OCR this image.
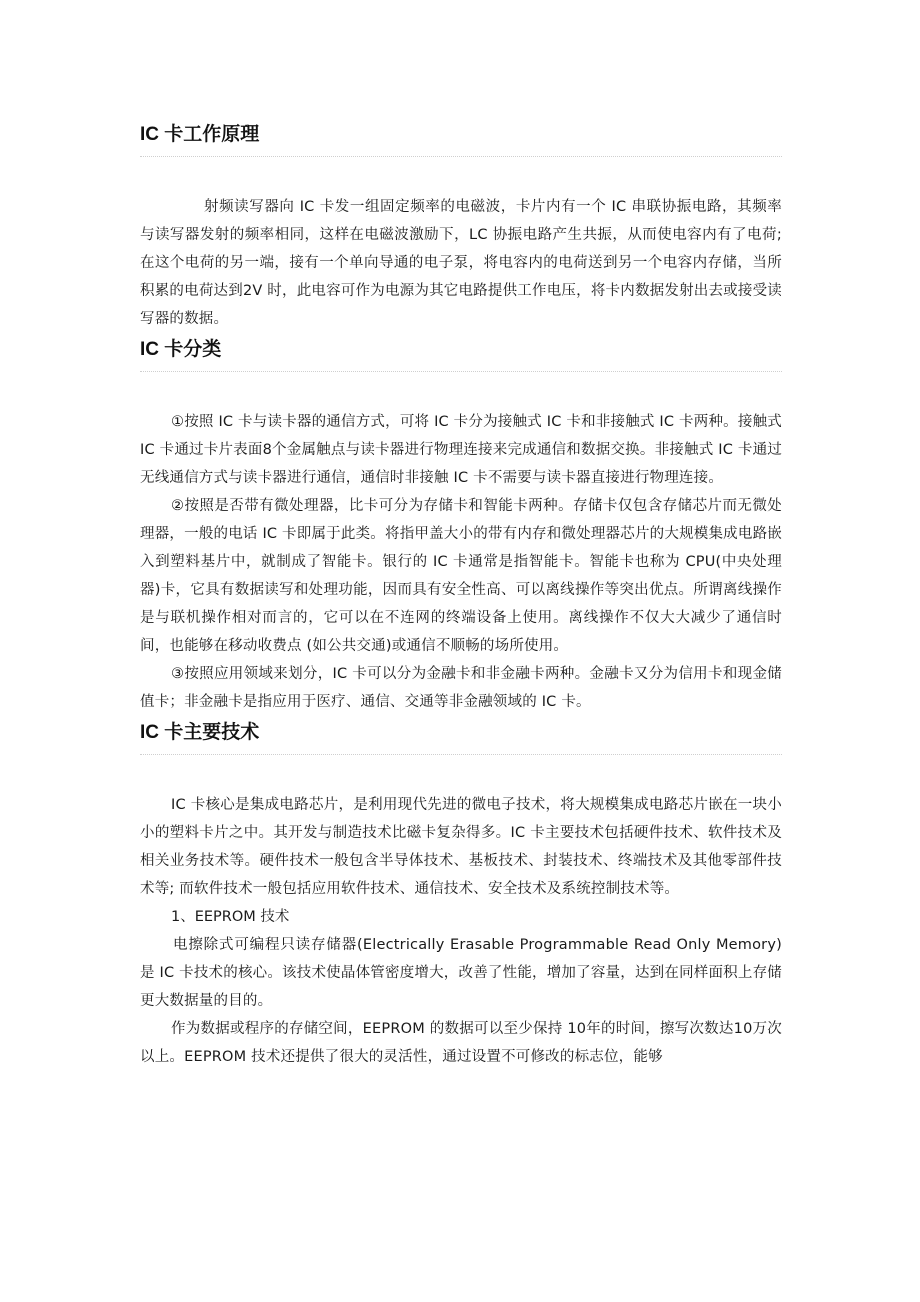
IC 卡工作原理

射频读写器向 IC 卡发一组固定频率的电磁波，卡片内有一个 IC 串联协振电路，其频率与读写器发射的频率相同，这样在电磁波激励下，LC 协振电路产生共振，从而使电容内有了电荷; 在这个电荷的另一端，接有一个单向导通的电子泵，将电容内的电荷送到另一个电容内存储，当所积累的电荷达到2V 时，此电容可作为电源为其它电路提供工作电压，将卡内数据发射出去或接受读写器的数据。

IC 卡分类

①按照 IC 卡与读卡器的通信方式，可将 IC 卡分为接触式 IC 卡和非接触式 IC 卡两种。接触式 IC 卡通过卡片表面8个金属触点与读卡器进行物理连接来完成通信和数据交换。非接触式 IC 卡通过无线通信方式与读卡器进行通信，通信时非接触 IC 卡不需要与读卡器直接进行物理连接。

②按照是否带有微处理器，比卡可分为存储卡和智能卡两种。存储卡仅包含存储芯片而无微处理器，一般的电话 IC 卡即属于此类。将指甲盖大小的带有内存和微处理器芯片的大规模集成电路嵌入到塑料基片中，就制成了智能卡。银行的 IC 卡通常是指智能卡。智能卡也称为 CPU(中央处理器)卡，它具有数据读写和处理功能，因而具有安全性高、可以离线操作等突出优点。所谓离线操作是与联机操作相对而言的，它可以在不连网的终端设备上使用。离线操作不仅大大减少了通信时间，也能够在移动收费点 (如公共交通)或通信不顺畅的场所使用。

③按照应用领域来划分，IC 卡可以分为金融卡和非金融卡两种。金融卡又分为信用卡和现金储值卡；非金融卡是指应用于医疗、通信、交通等非金融领域的 IC 卡。

IC 卡主要技术

IC 卡核心是集成电路芯片，是利用现代先进的微电子技术，将大规模集成电路芯片嵌在一块小小的塑料卡片之中。其开发与制造技术比磁卡复杂得多。IC 卡主要技术包括硬件技术、软件技术及相关业务技术等。硬件技术一般包含半导体技术、基板技术、封装技术、终端技术及其他零部件技术等; 而软件技术一般包括应用软件技术、通信技术、安全技术及系统控制技术等。

1、EEPROM 技术

电擦除式可编程只读存储器(Electrically Erasable Programmable Read Only Memory)是 IC 卡技术的核心。该技术使晶体管密度增大，改善了性能，增加了容量，达到在同样面积上存储更大数据量的目的。

作为数据或程序的存储空间，EEPROM 的数据可以至少保持 10年的时间，擦写次数达10万次以上。EEPROM 技术还提供了很大的灵活性，通过设置不可修改的标志位，能够
